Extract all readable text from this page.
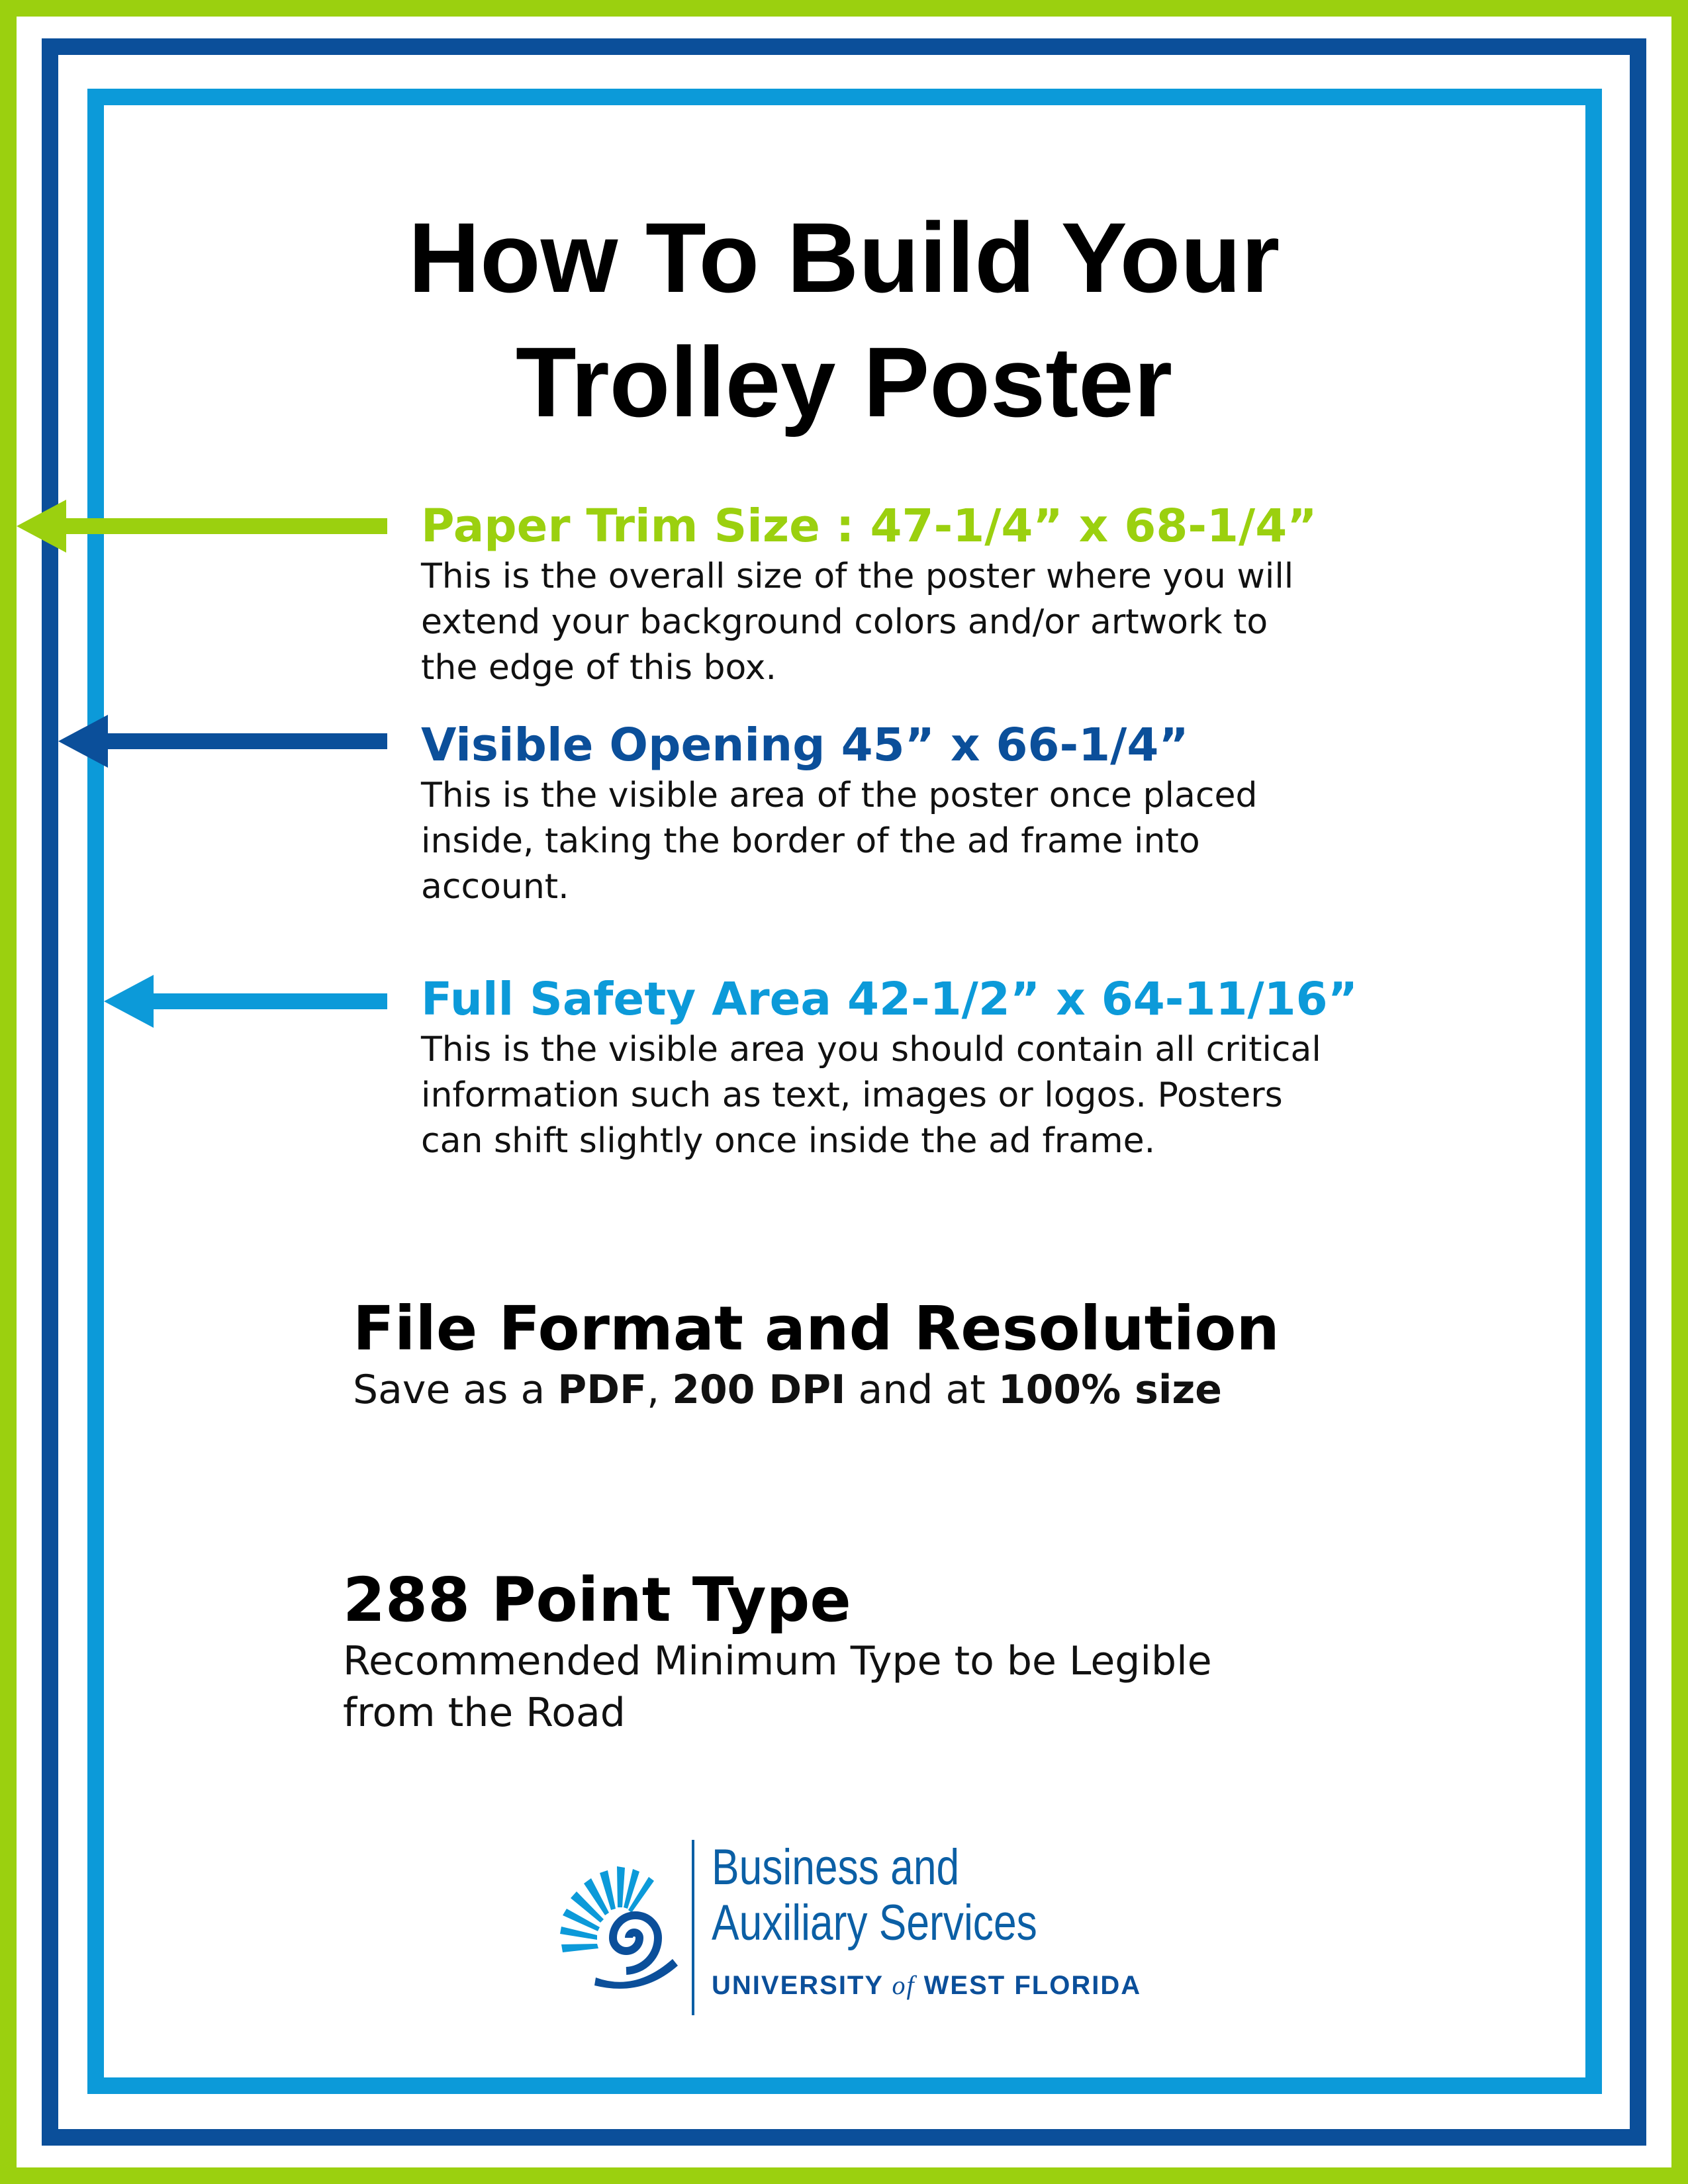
How To Build Your
Trolley Poster
Paper Trim Size : 47-1/4” x 68-1/4”
This is the overall size of the poster where you will
extend your background colors and/or artwork to
the edge of this box.
Visible Opening 45” x 66-1/4”
This is the visible area of the poster once placed
inside, taking the border of the ad frame into
account.
Full Safety Area 42-1/2” x 64-11/16”
This is the visible area you should contain all critical
information such as text, images or logos. Posters
can shift slightly once inside the ad frame.
File Format and Resolution
Save as a PDF, 200 DPI and at 100% size
288 Point Type
Recommended Minimum Type to be Legible
from the Road
Business and
Auxiliary Services
UNIVERSITY of WEST FLORIDA
